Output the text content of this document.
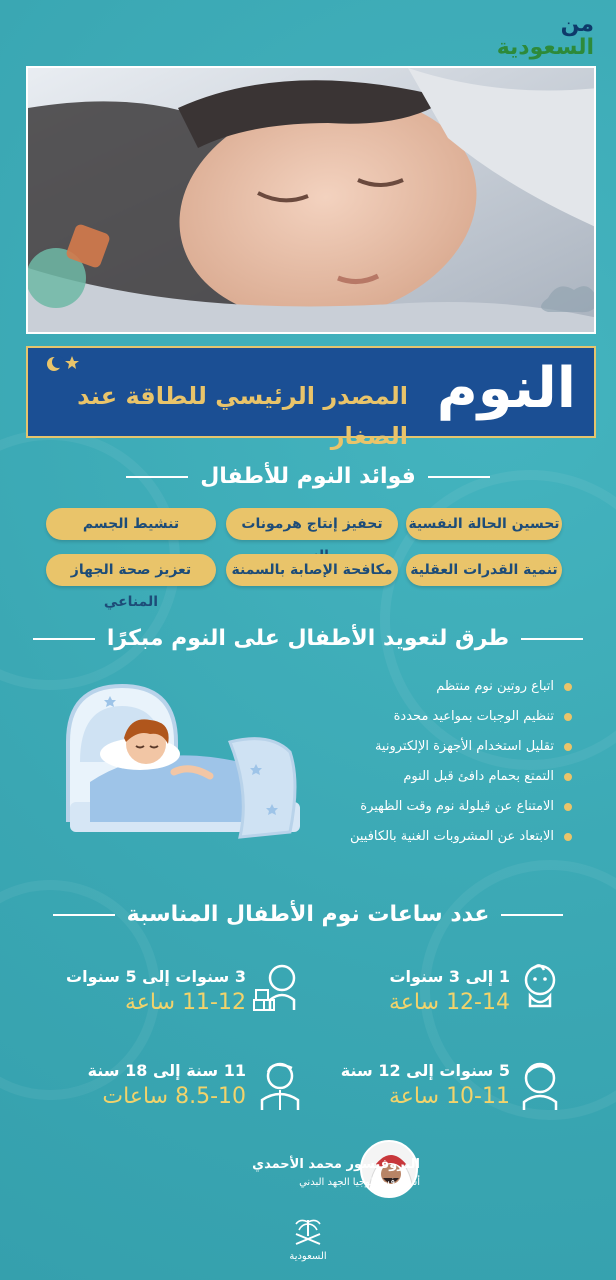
من
السعودية
النوم
المصدر الرئيسي للطاقة عند الصغار
فوائد النوم للأطفال
تحسين الحالة النفسية
تحفيز إنتاج هرمونات
تنشيط الجسم
تنمية القدرات العقلية
مكافحة الإصابة بالسمنة
تعزيز صحة الجهاز المناعي
طرق لتعويد الأطفال على النوم مبكرًا
اتباع روتين نوم منتظم
تنظيم الوجبات بمواعيد محددة
تقليل استخدام الأجهزة الإلكترونية
التمتع بحمام دافئ قبل النوم
الامتناع عن قيلولة نوم وقت الظهيرة
الابتعاد عن المشروبات الغنية بالكافيين
عدد ساعات نوم الأطفال المناسبة
1 إلى 3 سنوات
12-14 ساعة
3 سنوات إلى 5 سنوات
11-12 ساعة
5 سنوات إلى 12 سنة
10-11 ساعة
11 سنة إلى 18 سنة
8.5-10 ساعات
البروفيسور محمد الأحمدي
أستاذ فسيولوجيا الجهد البدني
السعودية
